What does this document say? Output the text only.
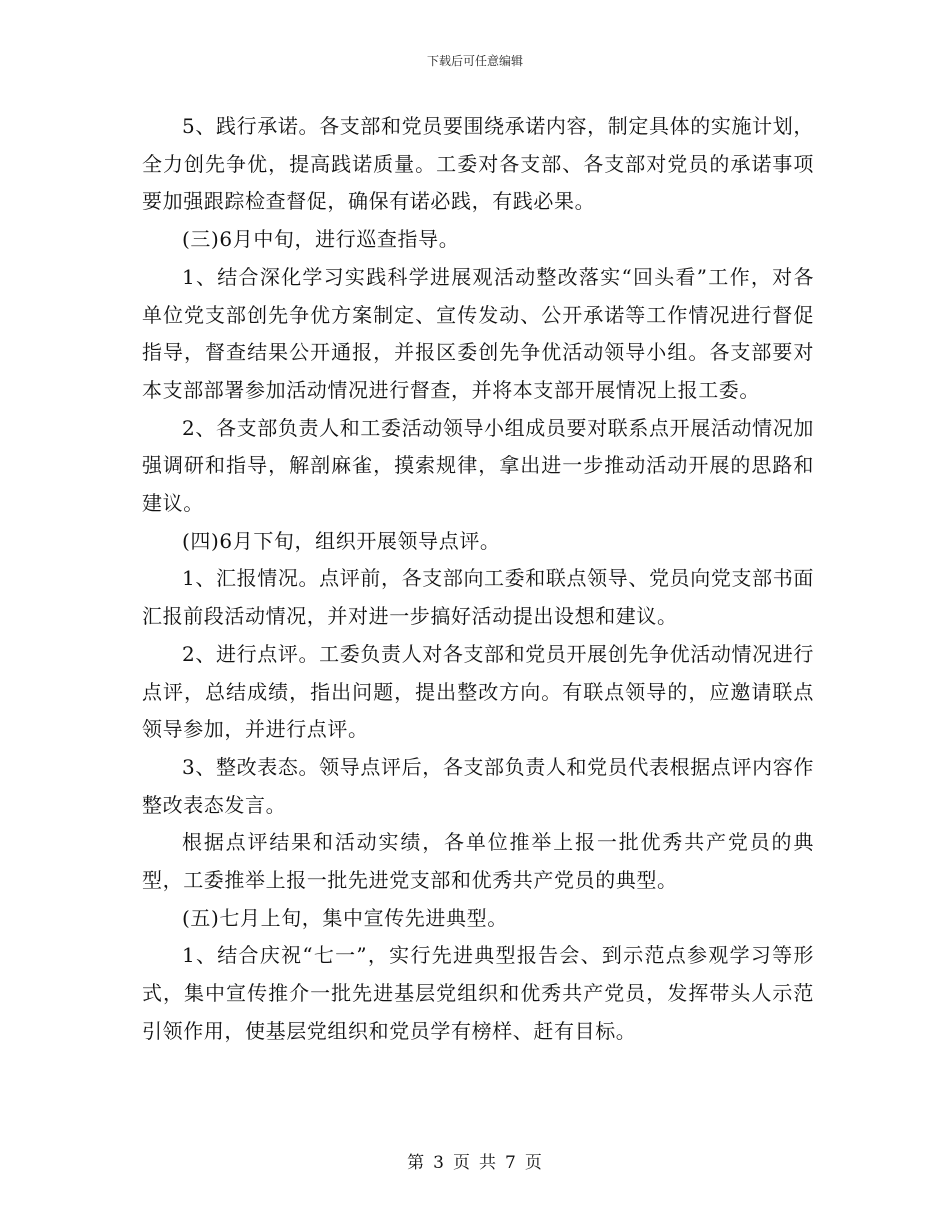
下载后可任意编辑

5、践行承诺。各支部和党员要围绕承诺内容，制定具体的实施计划，全力创先争优，提高践诺质量。工委对各支部、各支部对党员的承诺事项要加强跟踪检查督促，确保有诺必践，有践必果。

(三)6月中旬，进行巡查指导。

1、结合深化学习实践科学进展观活动整改落实“回头看”工作，对各单位党支部创先争优方案制定、宣传发动、公开承诺等工作情况进行督促指导，督查结果公开通报，并报区委创先争优活动领导小组。各支部要对本支部部署参加活动情况进行督查，并将本支部开展情况上报工委。

2、各支部负责人和工委活动领导小组成员要对联系点开展活动情况加强调研和指导，解剖麻雀，摸索规律，拿出进一步推动活动开展的思路和建议。

(四)6月下旬，组织开展领导点评。

1、汇报情况。点评前，各支部向工委和联点领导、党员向党支部书面汇报前段活动情况，并对进一步搞好活动提出设想和建议。

2、进行点评。工委负责人对各支部和党员开展创先争优活动情况进行点评，总结成绩，指出问题，提出整改方向。有联点领导的，应邀请联点领导参加，并进行点评。

3、整改表态。领导点评后，各支部负责人和党员代表根据点评内容作整改表态发言。

根据点评结果和活动实绩，各单位推举上报一批优秀共产党员的典型，工委推举上报一批先进党支部和优秀共产党员的典型。

(五)七月上旬，集中宣传先进典型。

1、结合庆祝“七一”，实行先进典型报告会、到示范点参观学习等形式，集中宣传推介一批先进基层党组织和优秀共产党员，发挥带头人示范引领作用，使基层党组织和党员学有榜样、赶有目标。

第 3 页 共 7 页
